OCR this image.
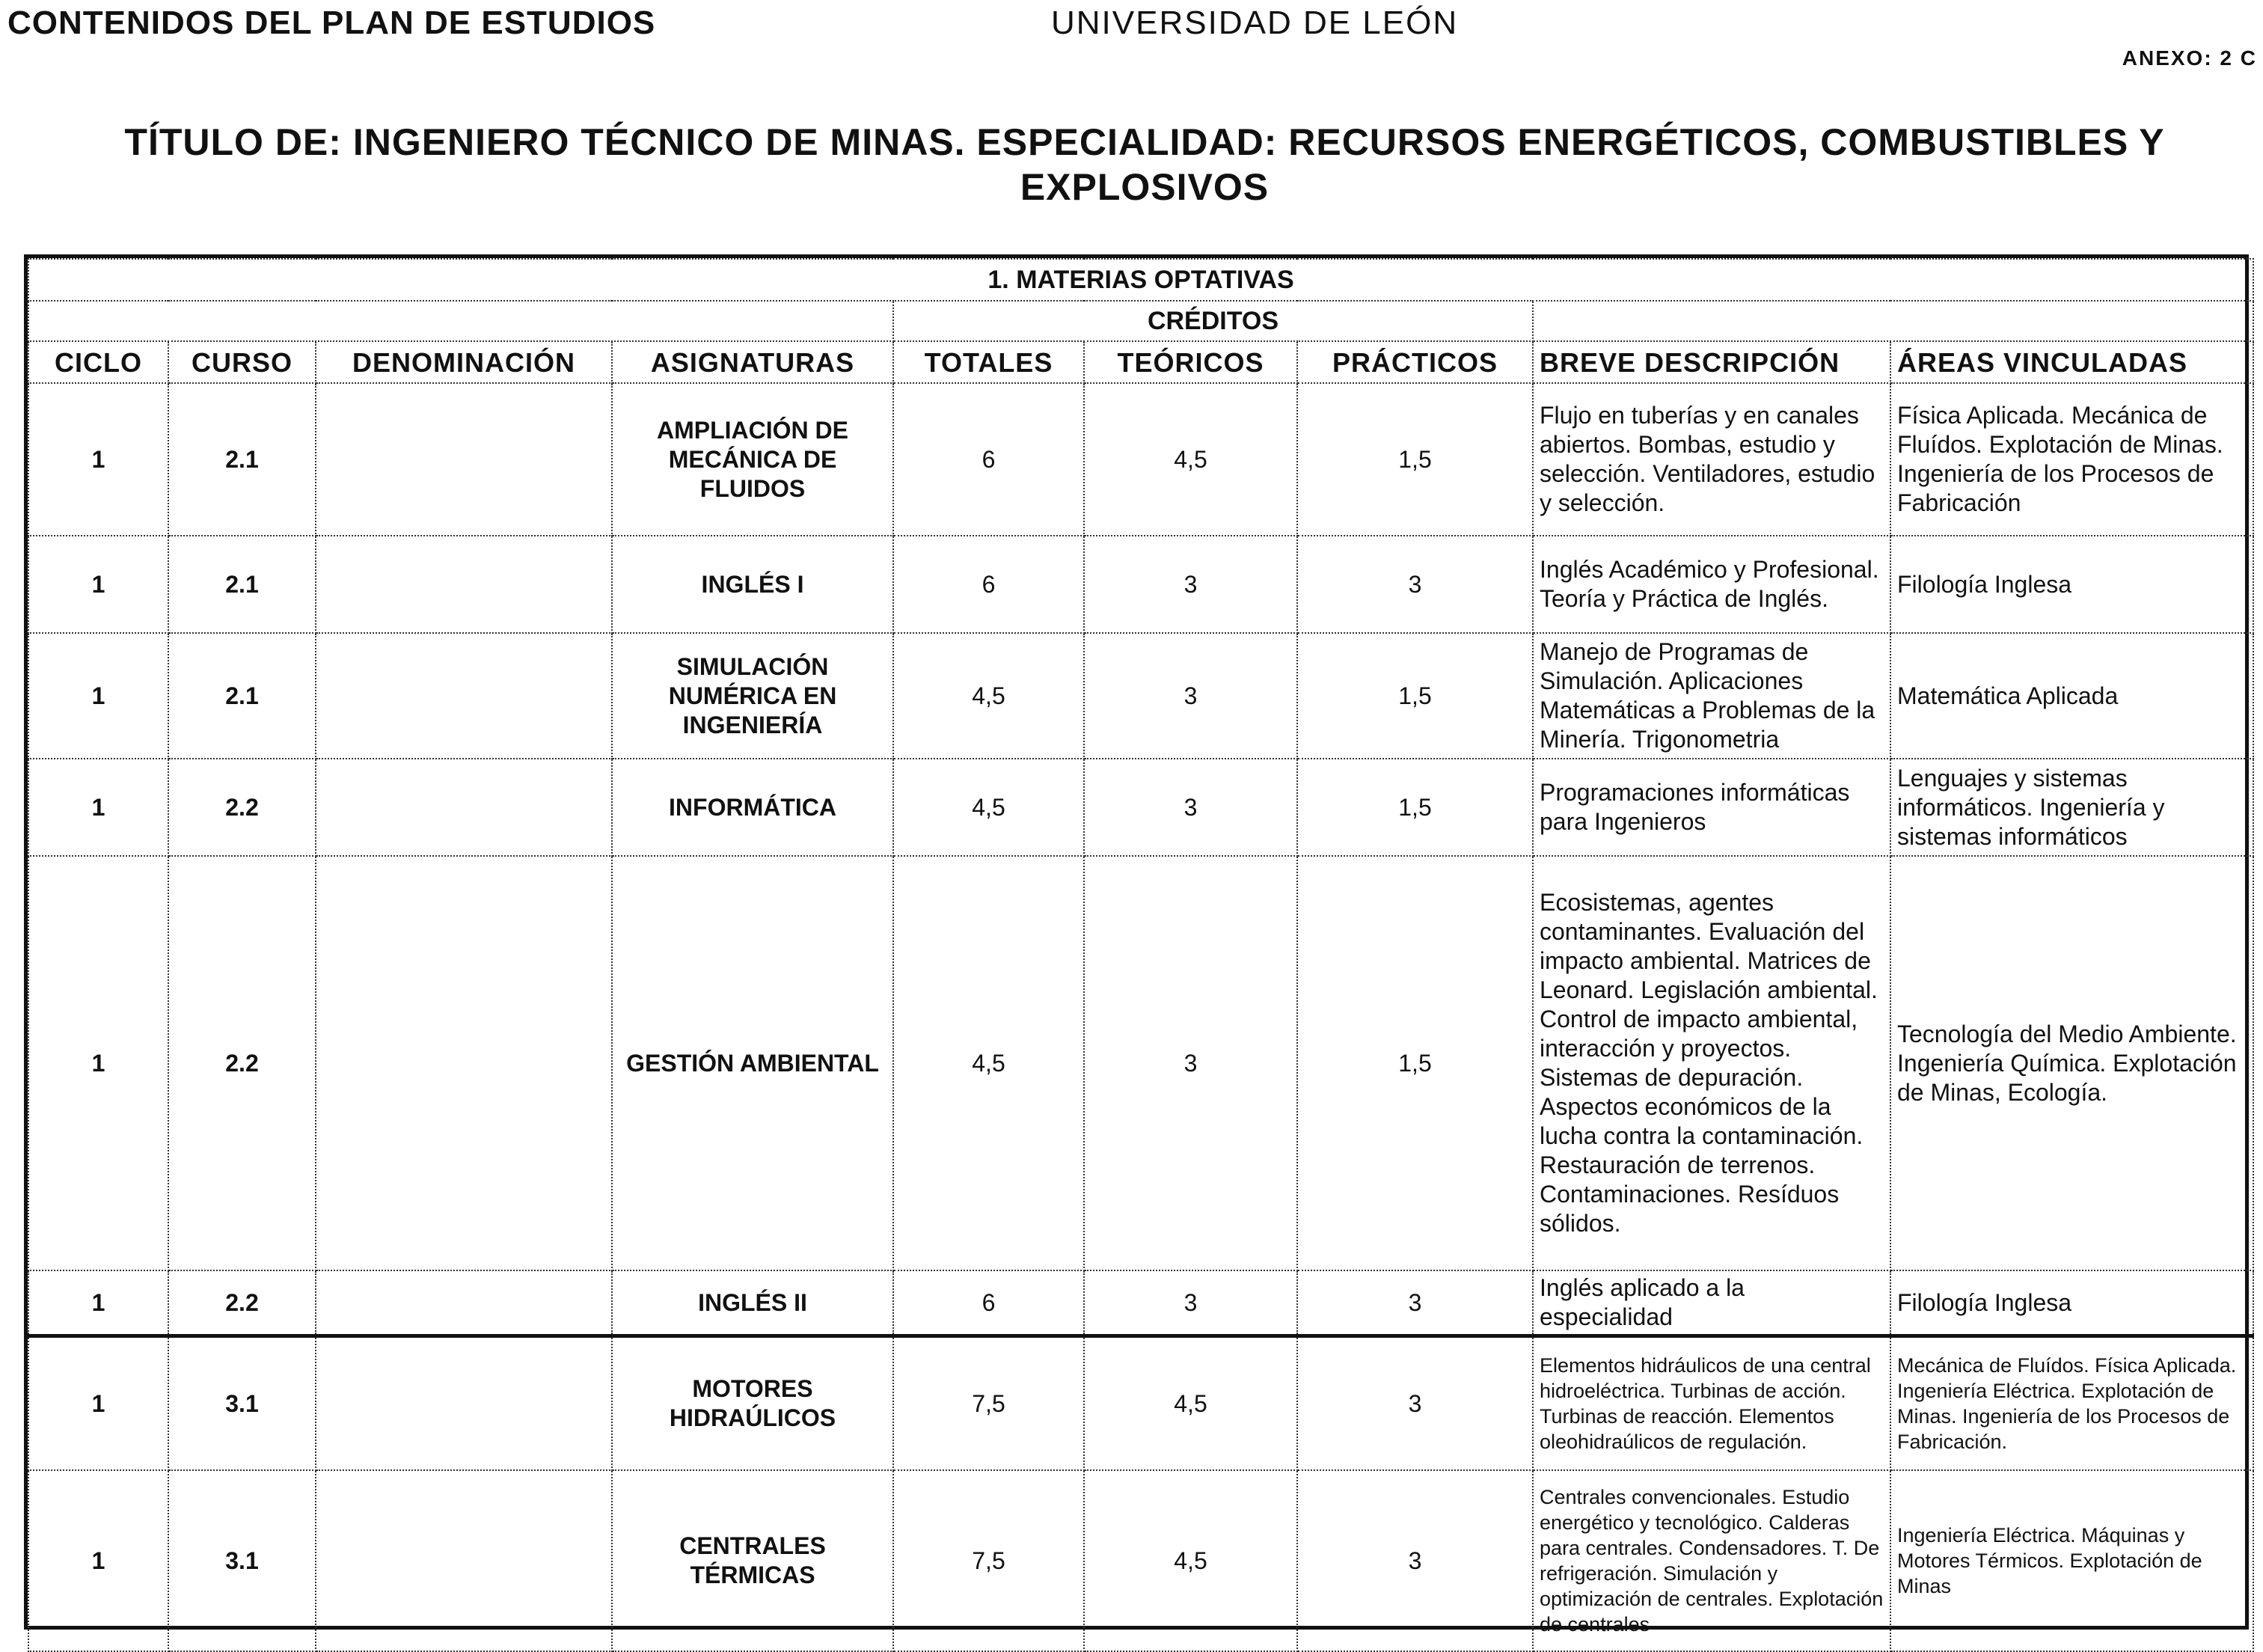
CONTENIDOS DEL PLAN DE ESTUDIOS	UNIVERSIDAD DE LEÓN
ANEXO: 2 C
TÍTULO DE: INGENIERO TÉCNICO DE MINAS. ESPECIALIDAD: RECURSOS ENERGÉTICOS, COMBUSTIBLES Y
EXPLOSIVOS
1. MATERIAS OPTATIVAS								
				CRÉDITOS				
CICLO	CURSO	DENOMINACIÓN	ASIGNATURAS	TOTALES	TEÓRICOS	PRÁCTICOS	BREVE DESCRIPCIÓN	ÁREAS VINCULADAS
1	2.1		AMPLIACIÓN DE MECÁNICA DE FLUIDOS	6	4,5	1,5	Flujo en tuberías y en canales abiertos. Bombas, estudio y selección. Ventiladores, estudio y selección.	Física Aplicada. Mecánica de Fluídos. Explotación de Minas. Ingeniería de los Procesos de Fabricación
1	2.1		INGLÉS I	6	3	3	Inglés Académico y Profesional. Teoría y Práctica de Inglés.	Filología Inglesa
1	2.1		SIMULACIÓN NUMÉRICA EN INGENIERÍA	4,5	3	1,5	Manejo de Programas de Simulación. Aplicaciones Matemáticas a Problemas de la Minería. Trigonometria	Matemática Aplicada
1	2.2		INFORMÁTICA	4,5	3	1,5	Programaciones informáticas para Ingenieros	Lenguajes y sistemas informáticos. Ingeniería y sistemas informáticos
1	2.2		GESTIÓN AMBIENTAL	4,5	3	1,5	Ecosistemas, agentes contaminantes. Evaluación del impacto ambiental. Matrices de Leonard. Legislación ambiental. Control de impacto ambiental, interacción y proyectos. Sistemas de depuración. Aspectos económicos de la lucha contra la contaminación. Restauración de terrenos. Contaminaciones. Resíduos sólidos.	Tecnología del Medio Ambiente. Ingeniería Química. Explotación de Minas, Ecología.
1	2.2		INGLÉS II	6	3	3	Inglés aplicado a la especialidad	Filología Inglesa
1	3.1		MOTORES HIDRAÚLICOS	7,5	4,5	3	Elementos hidráulicos de una central hidroeléctrica. Turbinas de acción. Turbinas de reacción. Elementos oleohidraúlicos de regulación.	Mecánica de Fluídos. Física Aplicada. Ingeniería Eléctrica. Explotación de Minas. Ingeniería de los Procesos de Fabricación.
1	3.1		CENTRALES TÉRMICAS	7,5	4,5	3	Centrales convencionales. Estudio energético y tecnológico. Calderas para centrales. Condensadores. T. De refrigeración. Simulación y optimización de centrales. Explotación de centrales	Ingeniería Eléctrica. Máquinas y Motores Térmicos. Explotación de Minas
